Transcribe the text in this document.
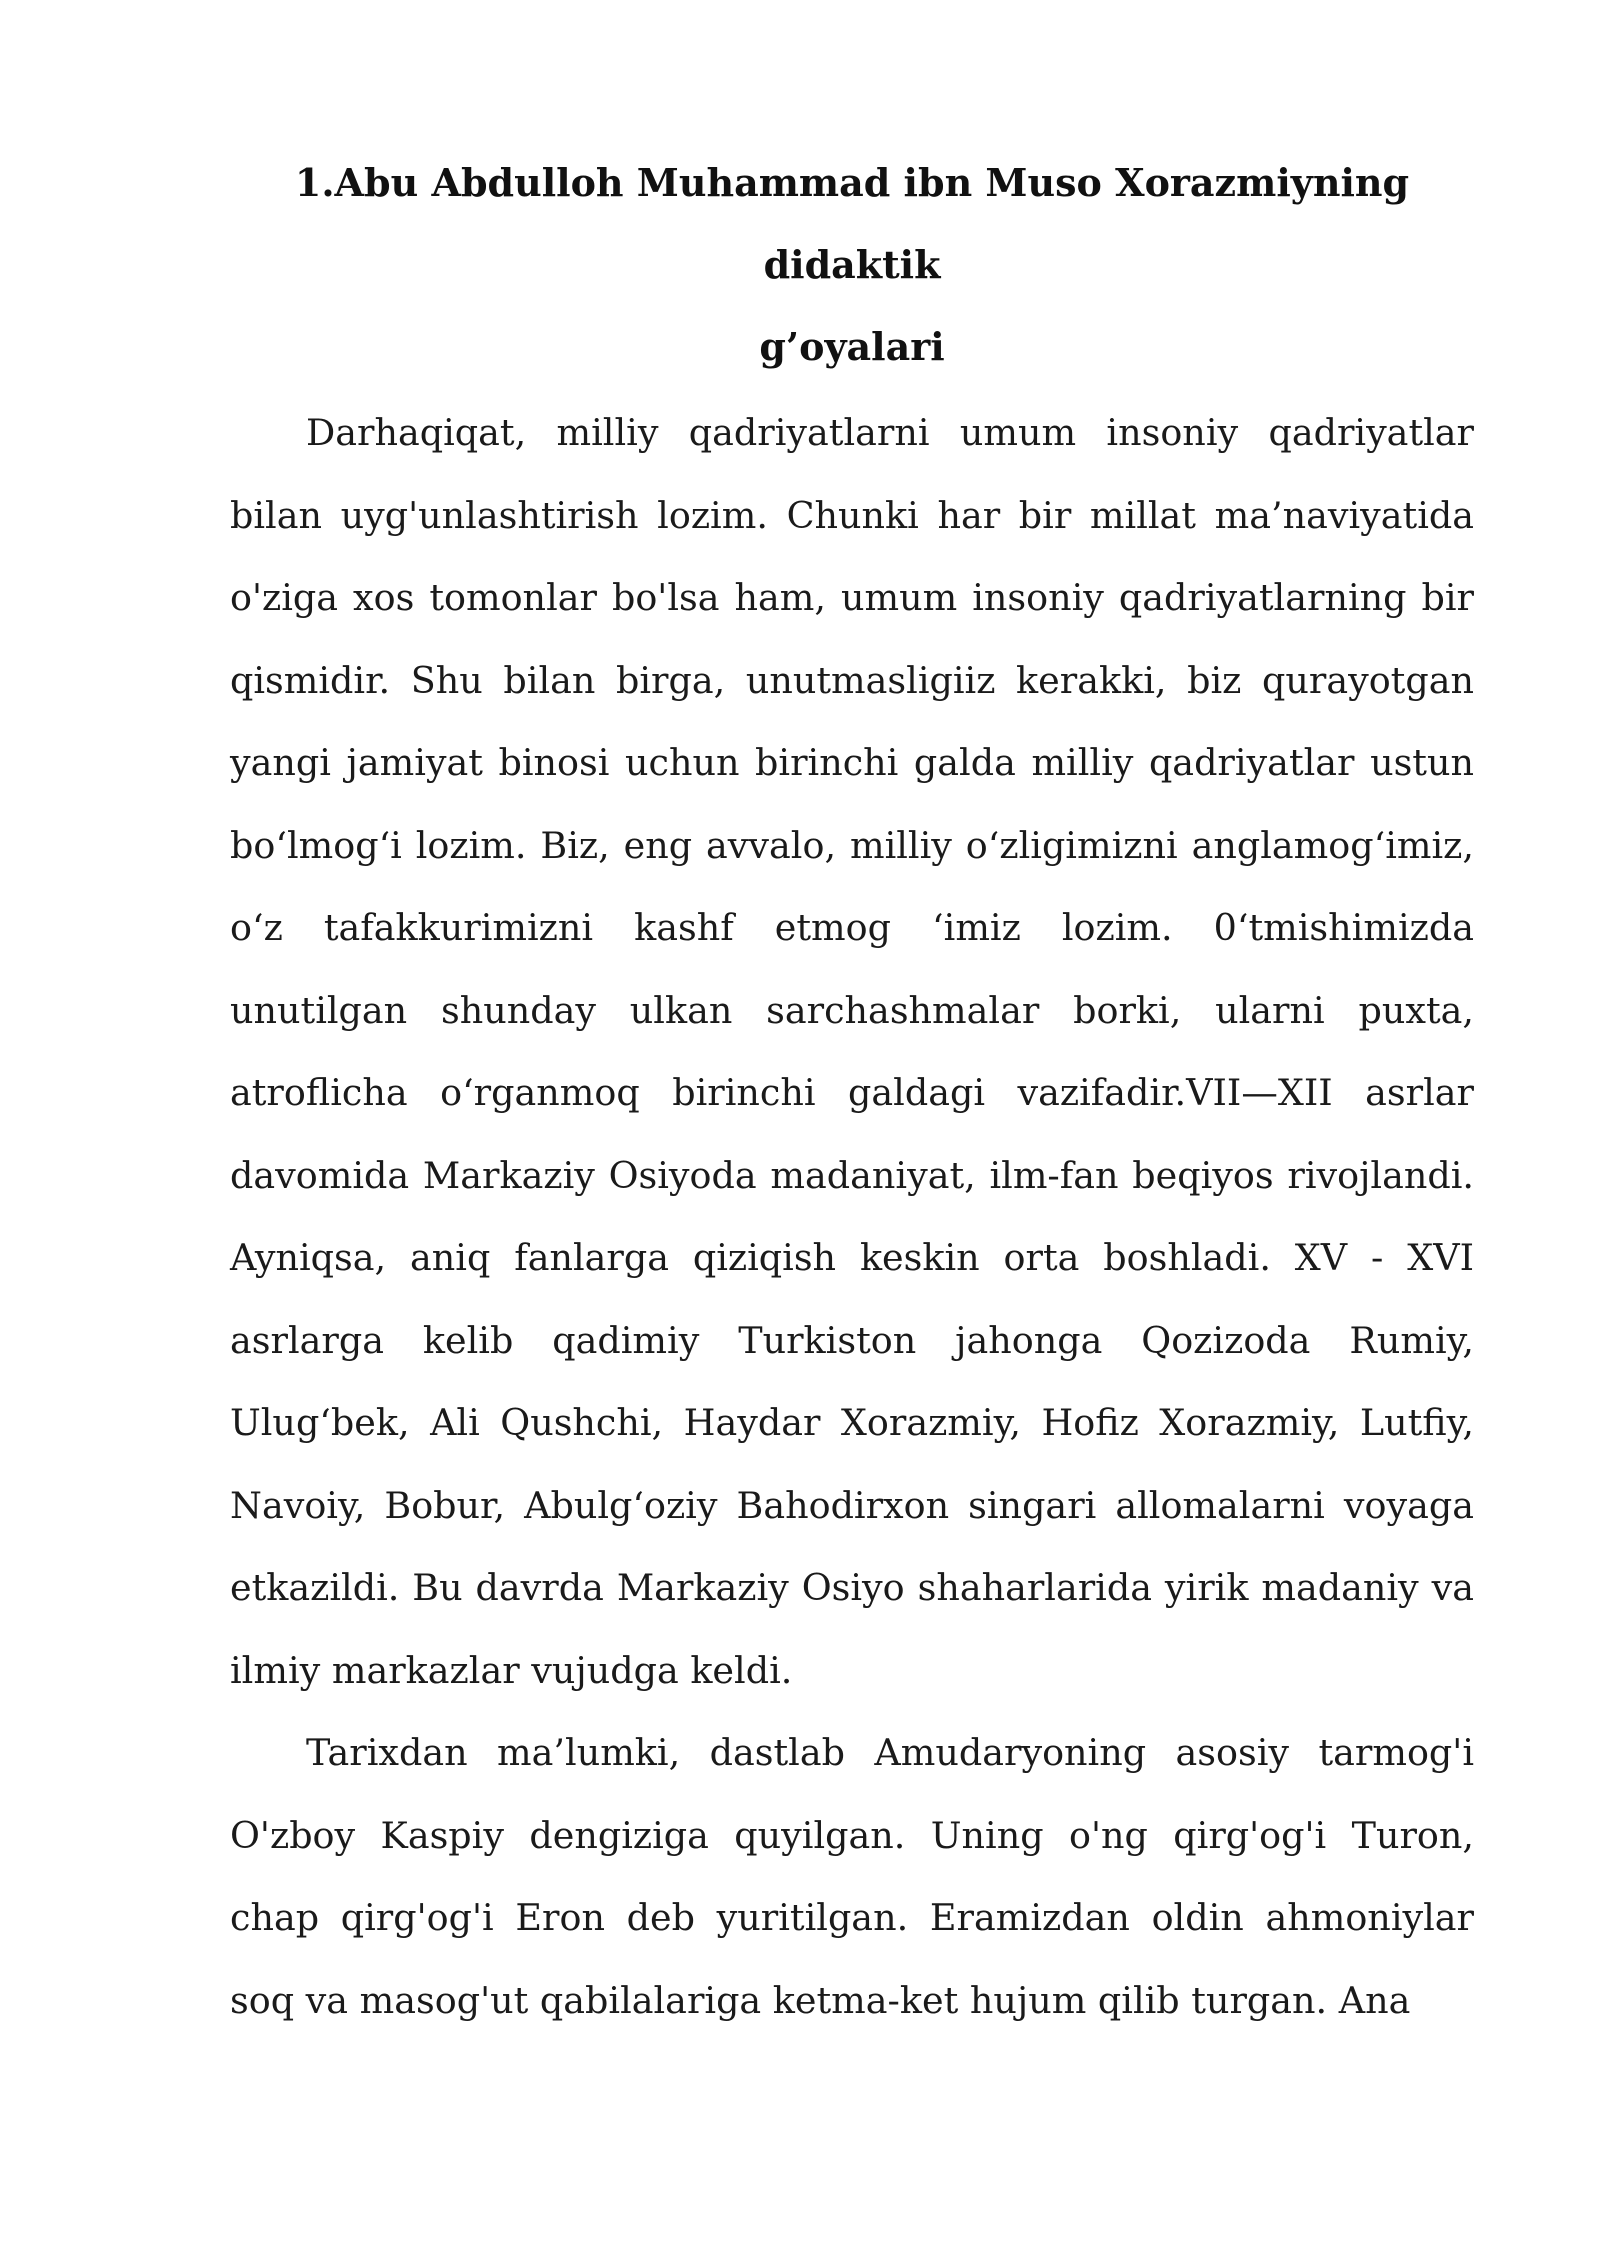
1.Abu Abdulloh Muhammad ibn Muso Xorazmiyning didaktik
g’oyalari

Darhaqiqat, milliy qadriyatlarni umum insoniy qadriyatlar bilan uyg'unlashtirish lozim. Chunki har bir millat ma’naviyatida o'ziga xos tomonlar bo'lsa ham, umum insoniy qadriyatlarning bir qismidir. Shu bilan birga, unutmasligiiz kerakki, biz qurayotgan yangi jamiyat binosi uchun birinchi galda milliy qadriyatlar ustun bo‘lmog‘i lozim. Biz, eng avvalo, milliy o‘zligimizni anglamog‘imiz, o‘z tafakkurimizni kashf etmog ‘imiz lozim. 0‘tmishimizda unutilgan shunday ulkan sarchashmalar borki, ularni puxta, atroflicha o‘rganmoq birinchi galdagi vazifadir.VII—XII asrlar davomida Markaziy Osiyoda madaniyat, ilm-fan beqiyos rivojlandi. Ayniqsa, aniq fanlarga qiziqish keskin orta boshladi. XV - XVI asrlarga kelib qadimiy Turkiston jahonga Qozizoda Rumiy, Ulug‘bek, Ali Qushchi, Haydar Xorazmiy, Hofiz Xorazmiy, Lutfiy, Navoiy, Bobur, Abulg‘oziy Bahodirxon singari allomalarni voyaga etkazildi. Bu davrda Markaziy Osiyo shaharlarida yirik madaniy va ilmiy markazlar vujudga keldi.

Tarixdan ma’lumki, dastlab Amudaryoning asosiy tarmog'i O'zboy Kaspiy dengiziga quyilgan. Uning o'ng qirg'og'i Turon, chap qirg'og'i Eron deb yuritilgan. Eramizdan oldin ahmoniylar soq va masog'ut qabilalariga ketma-ket hujum qilib turgan. Ana
